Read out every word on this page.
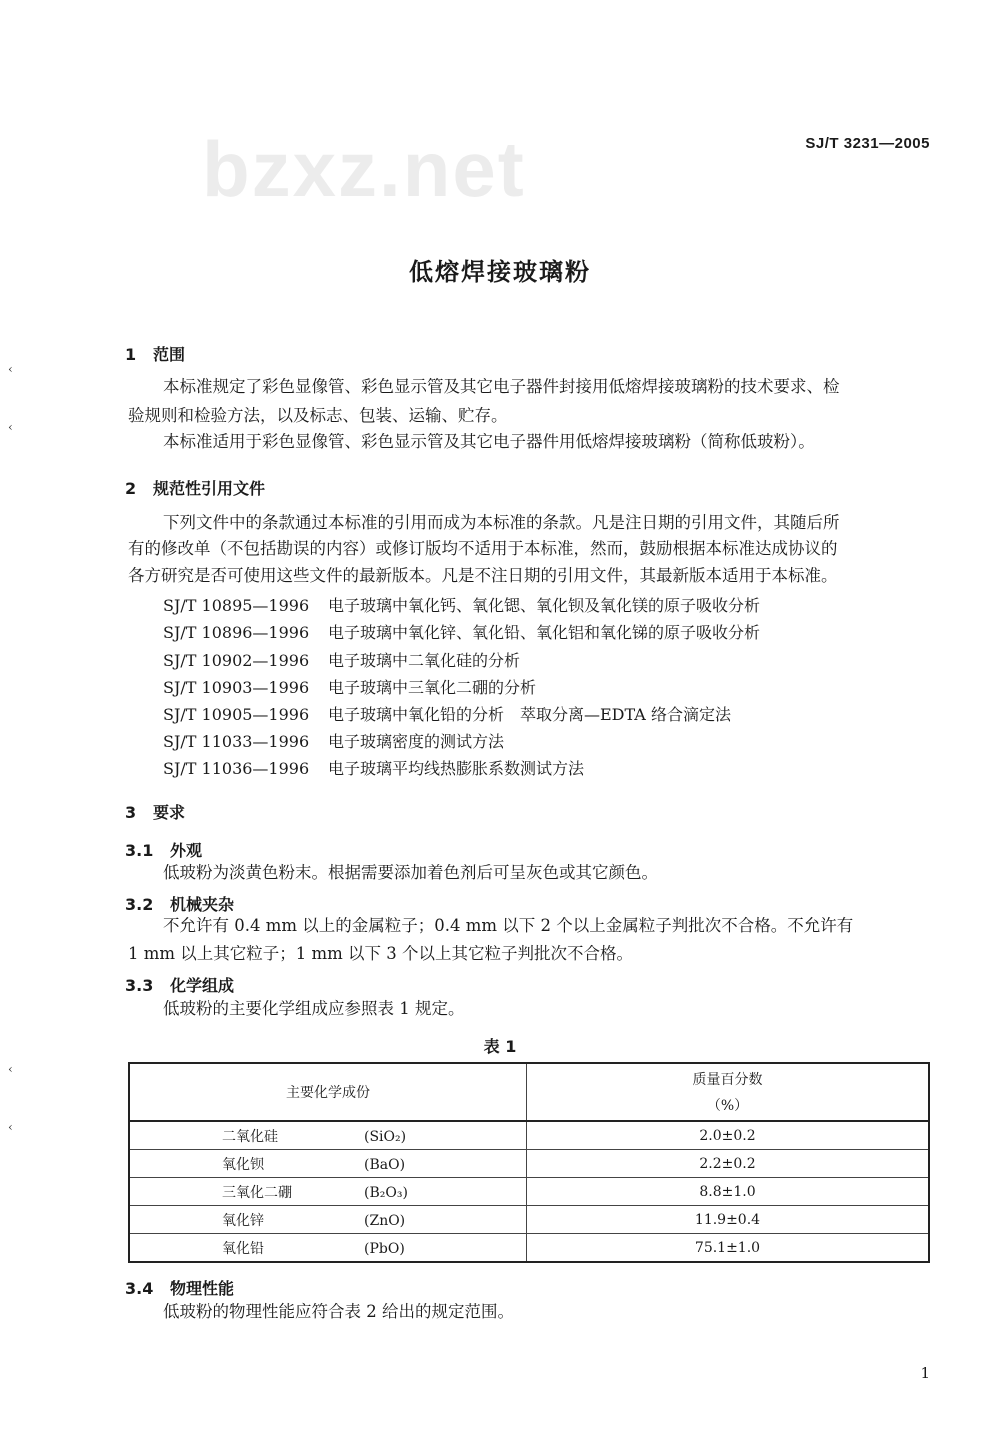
SJ/T 3231—2005
bzxz.net
‹
‹
‹
‹
低熔焊接玻璃粉
1 范围
本标准规定了彩色显像管、彩色显示管及其它电子器件封接用低熔焊接玻璃粉的技术要求、检
验规则和检验方法，以及标志、包装、运输、贮存。
本标准适用于彩色显像管、彩色显示管及其它电子器件用低熔焊接玻璃粉（简称低玻粉）。
2 规范性引用文件
下列文件中的条款通过本标准的引用而成为本标准的条款。凡是注日期的引用文件，其随后所
有的修改单（不包括勘误的内容）或修订版均不适用于本标准，然而，鼓励根据本标准达成协议的
各方研究是否可使用这些文件的最新版本。凡是不注日期的引用文件，其最新版本适用于本标准。
SJ/T 10895—1996 电子玻璃中氧化钙、氧化锶、氧化钡及氧化镁的原子吸收分析
SJ/T 10896—1996 电子玻璃中氧化锌、氧化铅、氧化铝和氧化锑的原子吸收分析
SJ/T 10902—1996 电子玻璃中二氧化硅的分析
SJ/T 10903—1996 电子玻璃中三氧化二硼的分析
SJ/T 10905—1996 电子玻璃中氧化铅的分析　萃取分离—EDTA 络合滴定法
SJ/T 11033—1996 电子玻璃密度的测试方法
SJ/T 11036—1996 电子玻璃平均线热膨胀系数测试方法
3 要求
3.1 外观
低玻粉为淡黄色粉末。根据需要添加着色剂后可呈灰色或其它颜色。
3.2 机械夹杂
不允许有 0.4 mm 以上的金属粒子；0.4 mm 以下 2 个以上金属粒子判批次不合格。不允许有
1 mm 以上其它粒子；1 mm 以下 3 个以上其它粒子判批次不合格。
3.3 化学组成
低玻粉的主要化学组成应参照表 1 规定。
表 1
主要化学成份	质量百分数
（%）

二氧化硅 (SiO₂)	2.0±0.2
氧化钡 (BaO)	2.2±0.2
三氧化二硼 (B₂O₃)	8.8±1.0
氧化锌 (ZnO)	11.9±0.4
氧化铅 (PbO)	75.1±1.0
3.4 物理性能
低玻粉的物理性能应符合表 2 给出的规定范围。
1
